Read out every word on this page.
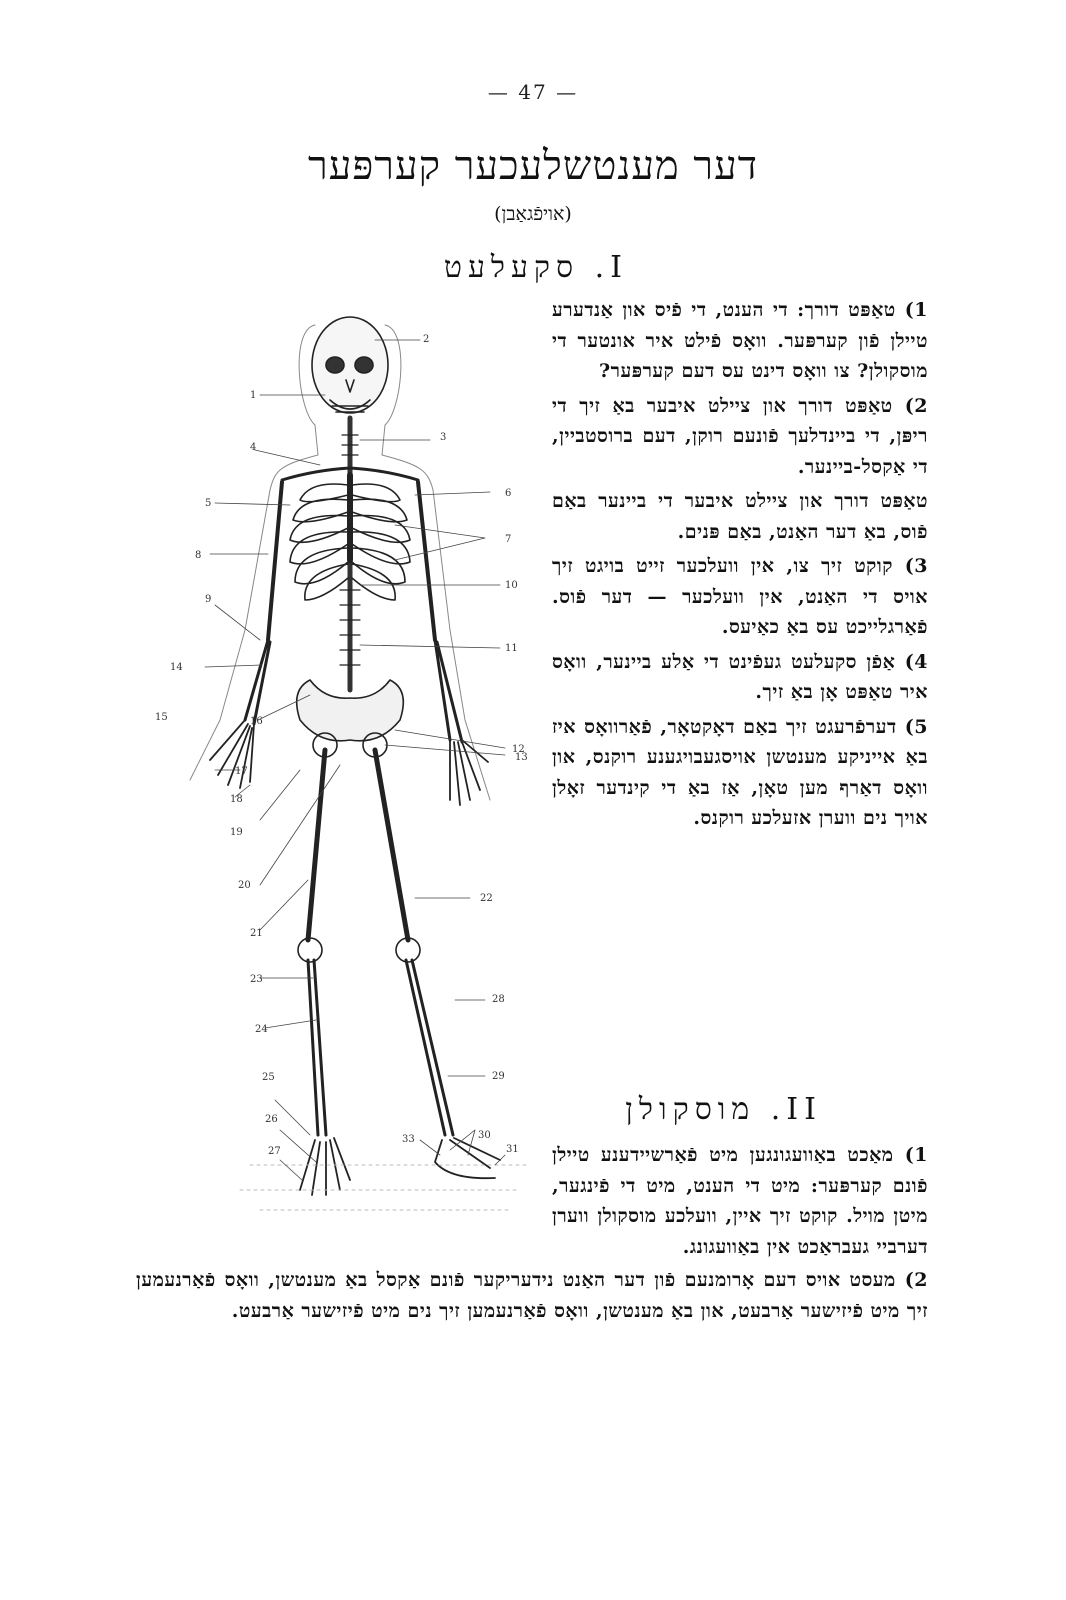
— 47 —
דער מענטשלעכער קערפּער
(אויפֿגאַבן)
I. סקעלעט

1) טאַפּט דורך: די הענט, די פֿיס און אַנדערע טיילן פֿון קערפּער. וואָס פֿילט איר אונטער די מוסקולן? צו וואָס דינט עס דעם קערפּער?

2) טאַפּט דורך און ציילט איבער באַ זיך די ריפּן, די ביינדלעך פֿונעם רוקן, דעם ברוסטביין, די אַקסל-ביינער.

טאַפּט דורך און ציילט איבער די ביינער באַם פֿוס, באַ דער האַנט, באַם פּנים.

3) קוקט זיך צו, אין וועלכער זייט בויגט זיך אויס די האַנט, אין וועלכער — דער פֿוס. פֿאַרגלייכט עס באַ כאַיעס.

4) אַפֿן סקעלעט געפֿינט די אַלע ביינער, וואָס איר טאַפּט אָן באַ זיך.

5) דערפֿרעגט זיך באַם דאָקטאָר, פֿאַרוואָס איז באַ אייניקע מענטשן אויסגעבויגענע רוקנס, און וואָס דאַרף מען טאָן, אַז באַ די קינדער זאָלן אויך נים ווערן אזעלכע רוקנס.

II. מוסקולן

1) מאַכט באַוועגונגען מיט פֿאַרשיידענע טיילן פֿונם קערפּער: מיט די הענט, מיט די פֿינגער, מיטן מויל. קוקט זיך איין, וועלכע מוסקולן ווערן דערביי געבראַכט אין באַוועגונג.

2) מעסט אויס דעם אָרומנעם פֿון דער האַנט נידעריקער פֿונם אַקסל באַ מענטשן, וואָס פֿאַרנעמען זיך מיט פֿיזישער אַרבעט, און באַ מענטשן, וואָס פֿאַרנעמען זיך נים מיט פֿיזישער אַרבעט.

1
2
3
4
5
6
7
8
9
10
11
12
13
14
15	16
17
18
19
20
21
22
23
24
25
26
27
28
29
30
31
33
